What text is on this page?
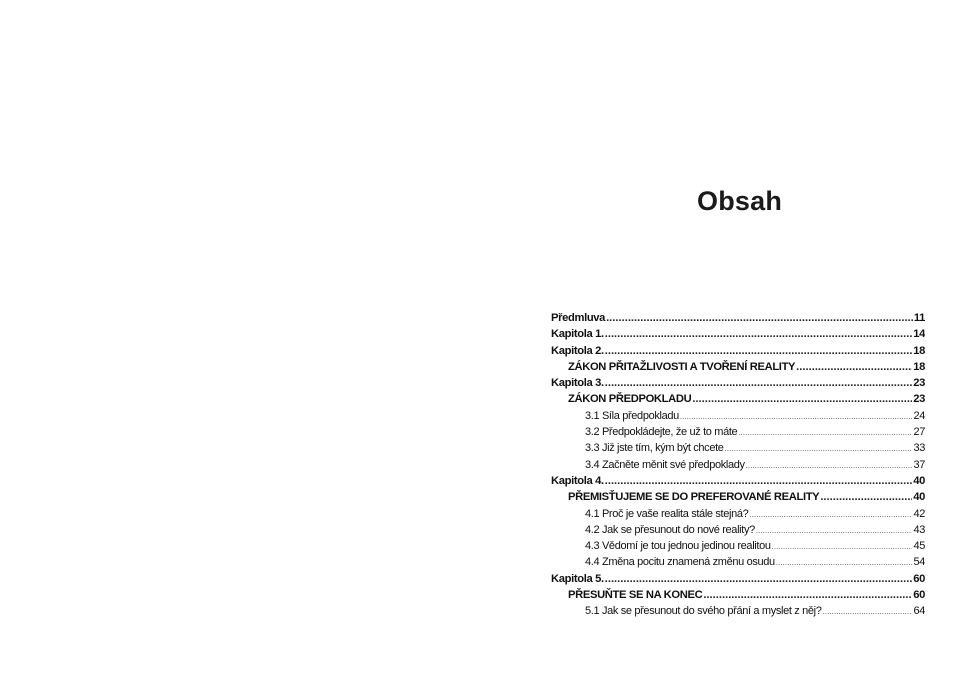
Obsah
Předmluva .....	11
Kapitola 1. .....	14
Kapitola 2. .....	18
ZÁKON PŘITAŽLIVOSTI A TVOŘENÍ REALITY .....	18
Kapitola 3. .....	23
ZÁKON PŘEDPOKLADU .....	23
3.1 Síla předpokladu .....	24
3.2 Předpokládejte, že už to máte .....	27
3.3 Již jste tím, kým být chcete .....	33
3.4 Začněte měnit své předpoklady .....	37
Kapitola 4. .....	40
PŘEMISŤUJEME SE DO PREFEROVANÉ REALITY .....	40
4.1 Proč je vaše realita stále stejná? .....	42
4.2 Jak se přesunout do nové reality? .....	43
4.3 Vědomí je tou jednou jedinou realitou .....	45
4.4 Změna pocitu znamená změnu osudu .....	54
Kapitola 5. .....	60
PŘESUŇTE SE NA KONEC .....	60
5.1 Jak se přesunout do svého přání a myslet z něj? .....	64
